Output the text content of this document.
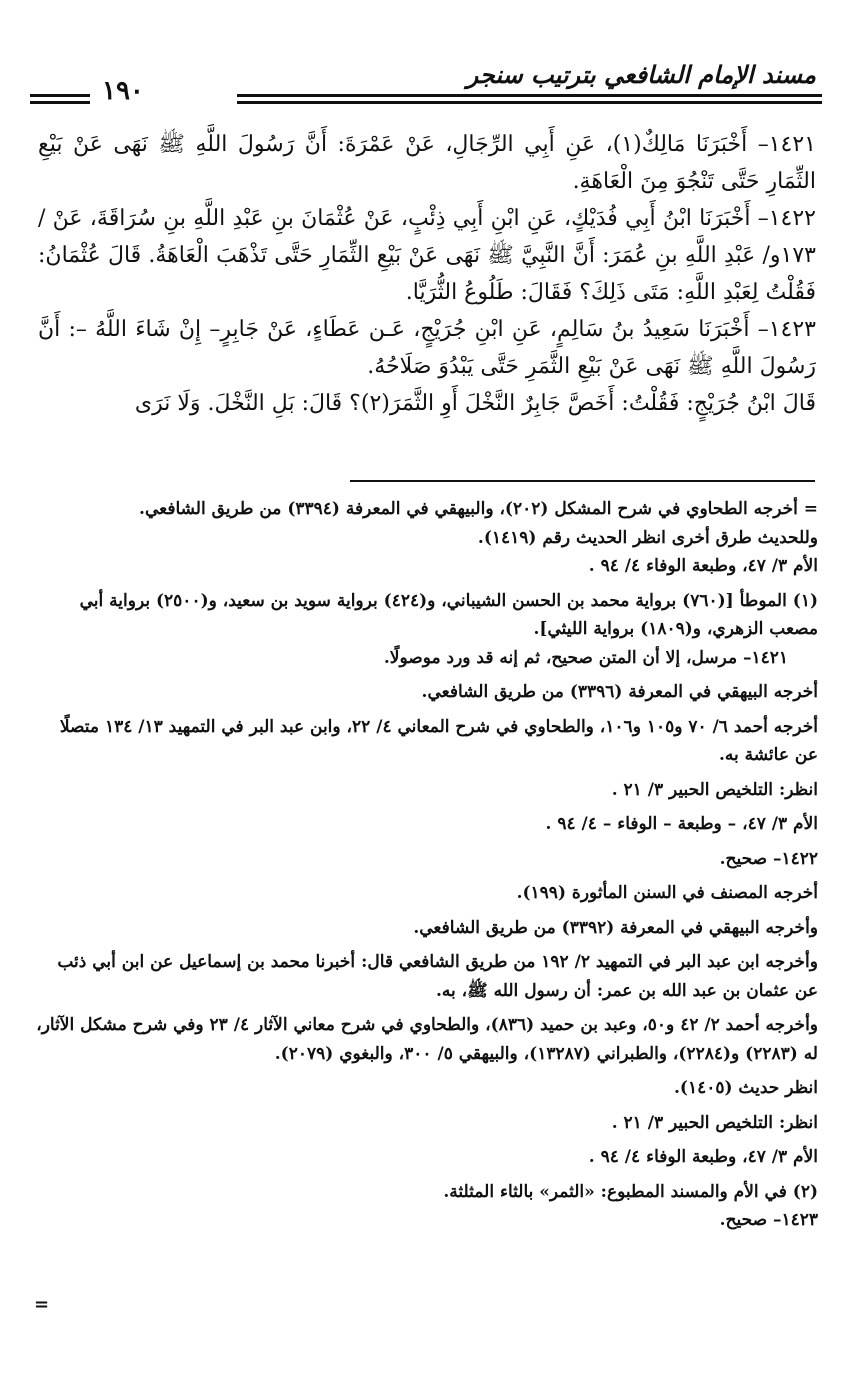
مسند الإمام الشافعي بترتيب سنجر
١٩٠

١٤٢١– أَخْبَرَنَا مَالِكٌ(١)، عَنِ أَبِي الرِّجَالِ، عَنْ عَمْرَةَ: أَنَّ رَسُولَ اللَّهِ ﷺ نَهَى عَنْ بَيْعِ الثِّمَارِ حَتَّى تَنْجُوَ مِنَ الْعَاهَةِ.

١٤٢٢– أَخْبَرَنَا ابْنُ أَبِي فُدَيْكٍ، عَنِ ابْنِ أَبِي ذِئْبٍ، عَنْ عُثْمَانَ بنِ عَبْدِ اللَّهِ بنِ سُرَاقَةَ، عَنْ /١٧٣و/ عَبْدِ اللَّهِ بنِ عُمَرَ: أَنَّ النَّبِيَّ ﷺ نَهَى عَنْ بَيْعِ الثِّمَارِ حَتَّى تَذْهَبَ الْعَاهَةُ. قَالَ عُثْمَانُ: فَقُلْتُ لِعَبْدِ اللَّهِ: مَتَى ذَلِكَ؟ فَقَالَ: طَلُوعُ الثُّرَيَّا.

١٤٢٣– أَخْبَرَنَا سَعِيدُ بنُ سَالِمٍ، عَنِ ابْنِ جُرَيْجٍ، عَـن عَطَاءٍ، عَنْ جَابِرٍ– إِنْ شَاءَ اللَّهُ –: أَنَّ رَسُولَ اللَّهِ ﷺ نَهَى عَنْ بَيْعِ الثَّمَرِ حَتَّى يَبْدُوَ صَلَاحُهُ.

قَالَ ابْنُ جُرَيْجٍ: فَقُلْتُ: أَخَصَّ جَابِرٌ النَّخْلَ أَوِ الثَّمَرَ(٢)؟ قَالَ: بَلِ النَّخْلَ. وَلَا نَرَى

= أخرجه الطحاوي في شرح المشكل (٢٠٢)، والبيهقي في المعرفة (٣٣٩٤) من طريق الشافعي.
وللحديث طرق أخرى انظر الحديث رقم (١٤١٩).
الأم ٣/ ٤٧، وطبعة الوفاء ٤/ ٩٤ .
(١) الموطأ [(٧٦٠) برواية محمد بن الحسن الشيباني، و(٤٢٤) برواية سويد بن سعيد، و(٢٥٠٠) برواية أبي مصعب الزهري، و(١٨٠٩) برواية الليثي].
١٤٢١– مرسل، إلا أن المتن صحيح، ثم إنه قد ورد موصولًا.
أخرجه البيهقي في المعرفة (٣٣٩٦) من طريق الشافعي.
أخرجه أحمد ٦/ ٧٠ و١٠٥ و١٠٦، والطحاوي في شرح المعاني ٤/ ٢٢، وابن عبد البر في التمهيد ١٣/ ١٣٤ متصلًا عن عائشة به.
انظر: التلخيص الحبير ٣/ ٢١ .
الأم ٣/ ٤٧، – وطبعة – الوفاء – ٤/ ٩٤ .
١٤٢٢– صحيح.
أخرجه المصنف في السنن المأثورة (١٩٩).
وأخرجه البيهقي في المعرفة (٣٣٩٢) من طريق الشافعي.
وأخرجه ابن عبد البر في التمهيد ٢/ ١٩٢ من طريق الشافعي قال: أخبرنا محمد بن إسماعيل عن ابن أبي ذئب عن عثمان بن عبد الله بن عمر: أن رسول الله ﷺ، به.
وأخرجه أحمد ٢/ ٤٢ و٥٠، وعبد بن حميد (٨٣٦)، والطحاوي في شرح معاني الآثار ٤/ ٢٣ وفي شرح مشكل الآثار، له (٢٢٨٣) و(٢٢٨٤)، والطبراني (١٣٢٨٧)، والبيهقي ٥/ ٣٠٠، والبغوي (٢٠٧٩).
انظر حديث (١٤٠٥).
انظر: التلخيص الحبير ٣/ ٢١ .
الأم ٣/ ٤٧، وطبعة الوفاء ٤/ ٩٤ .
(٢) في الأم والمسند المطبوع: «الثمر» بالثاء المثلثة.
١٤٢٣– صحيح.
=
